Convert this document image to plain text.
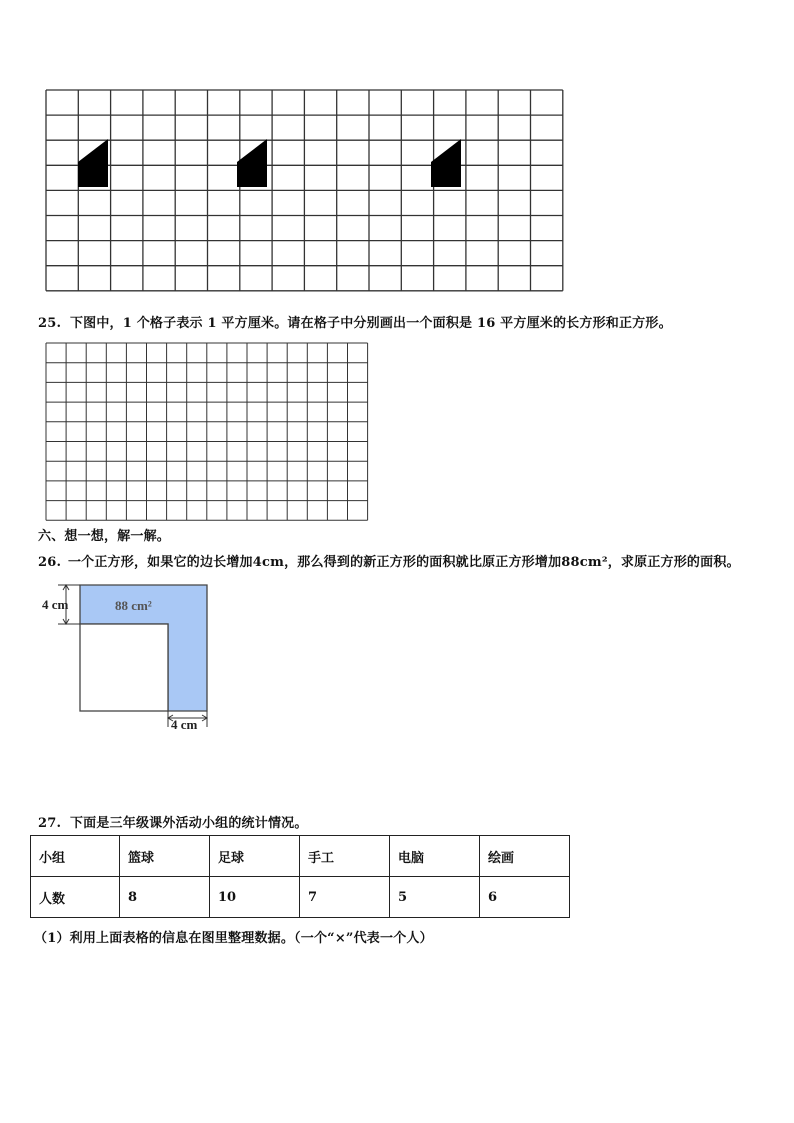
25. 下图中，1 个格子表示 1 平方厘米。请在格子中分别画出一个面积是 16 平方厘米的长方形和正方形。
六、想一想，解一解。
26. 一个正方形，如果它的边长增加4cm，那么得到的新正方形的面积就比原正方形增加88cm²，求原正方形的面积。
4 cm	88 cm²
4 cm
27. 下面是三年级课外活动小组的统计情况。
小组	篮球	足球	手工	电脑	绘画
人数	8	10	7	5	6
（1）利用上面表格的信息在图里整理数据。（一个“×”代表一个人）
